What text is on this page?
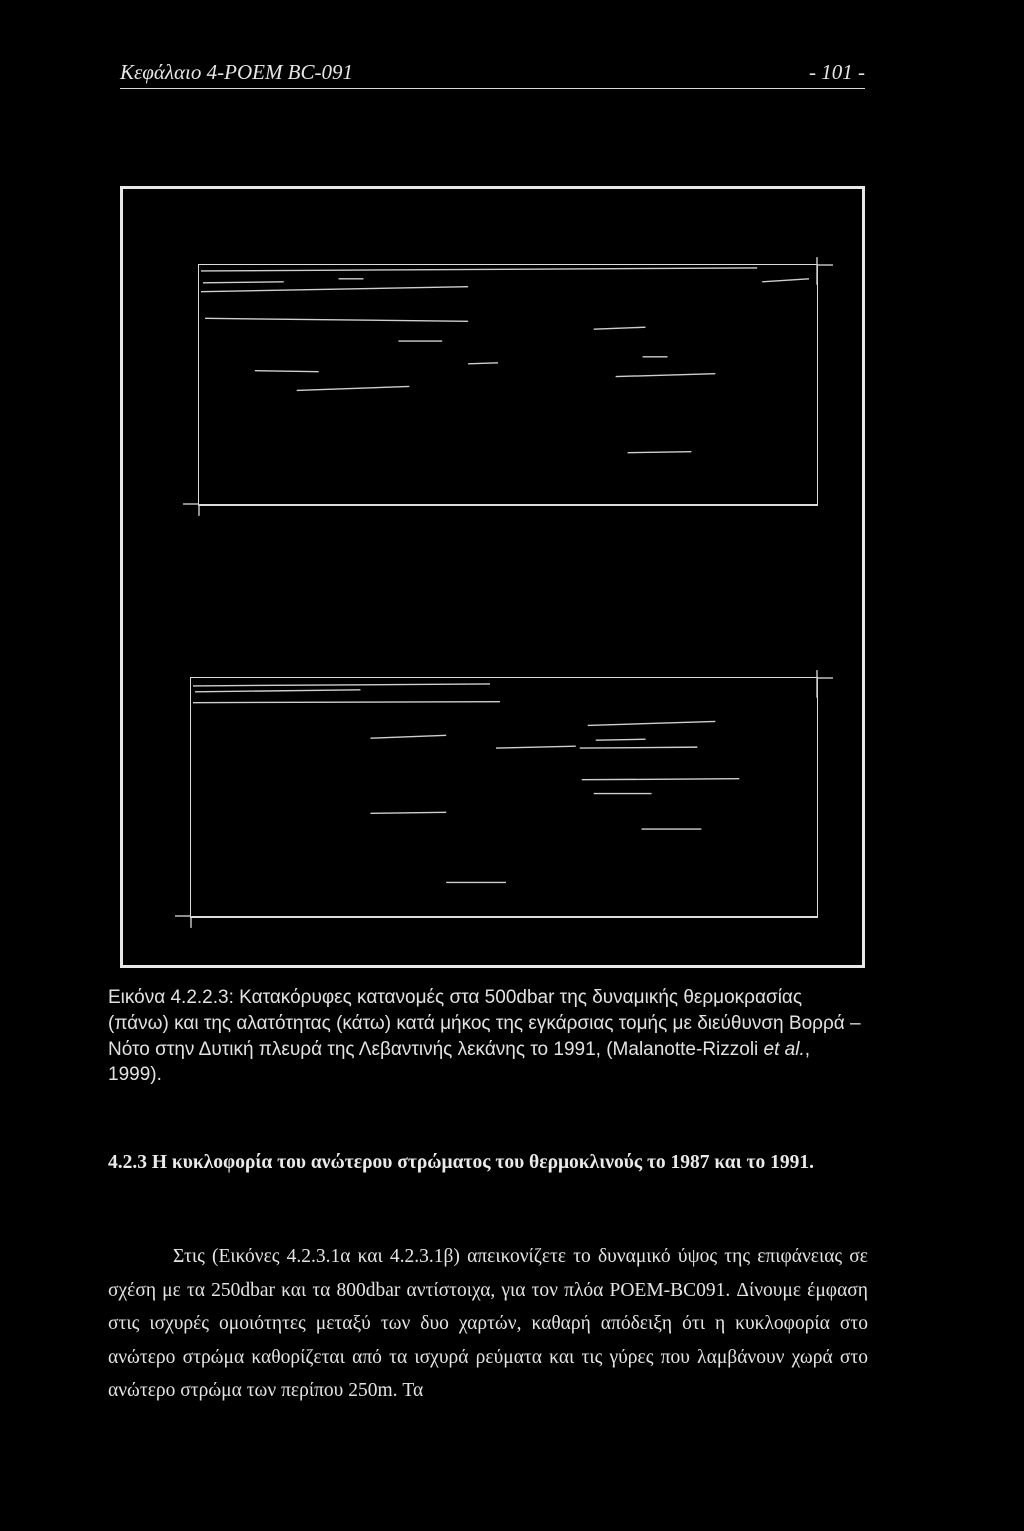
Κεφάλαιο 4-POEM BC-091	- 101 -
Εικόνα 4.2.2.3: Κατακόρυφες κατανομές στα 500dbar της δυναμικής θερμοκρασίας (πάνω) και της αλατότητας (κάτω) κατά μήκος της εγκάρσιας τομής με διεύθυνση Βορρά – Νότο στην Δυτική πλευρά της Λεβαντινής λεκάνης το 1991, (Malanotte-Rizzoli et al., 1999).
4.2.3 Η κυκλοφορία του ανώτερου στρώματος του θερμοκλινούς το 1987 και το 1991.
Στις (Εικόνες 4.2.3.1α και 4.2.3.1β) απεικονίζετε το δυναμικό ύψος της επιφάνειας σε σχέση με τα 250dbar και τα 800dbar αντίστοιχα, για τον πλόα POEM-BC091. Δίνουμε έμφαση στις ισχυρές ομοιότητες μεταξύ των δυο χαρτών, καθαρή απόδειξη ότι η κυκλοφορία στο ανώτερο στρώμα καθορίζεται από τα ισχυρά ρεύματα και τις γύρες που λαμβάνουν χωρά στο ανώτερο στρώμα των περίπου 250m. Τα
